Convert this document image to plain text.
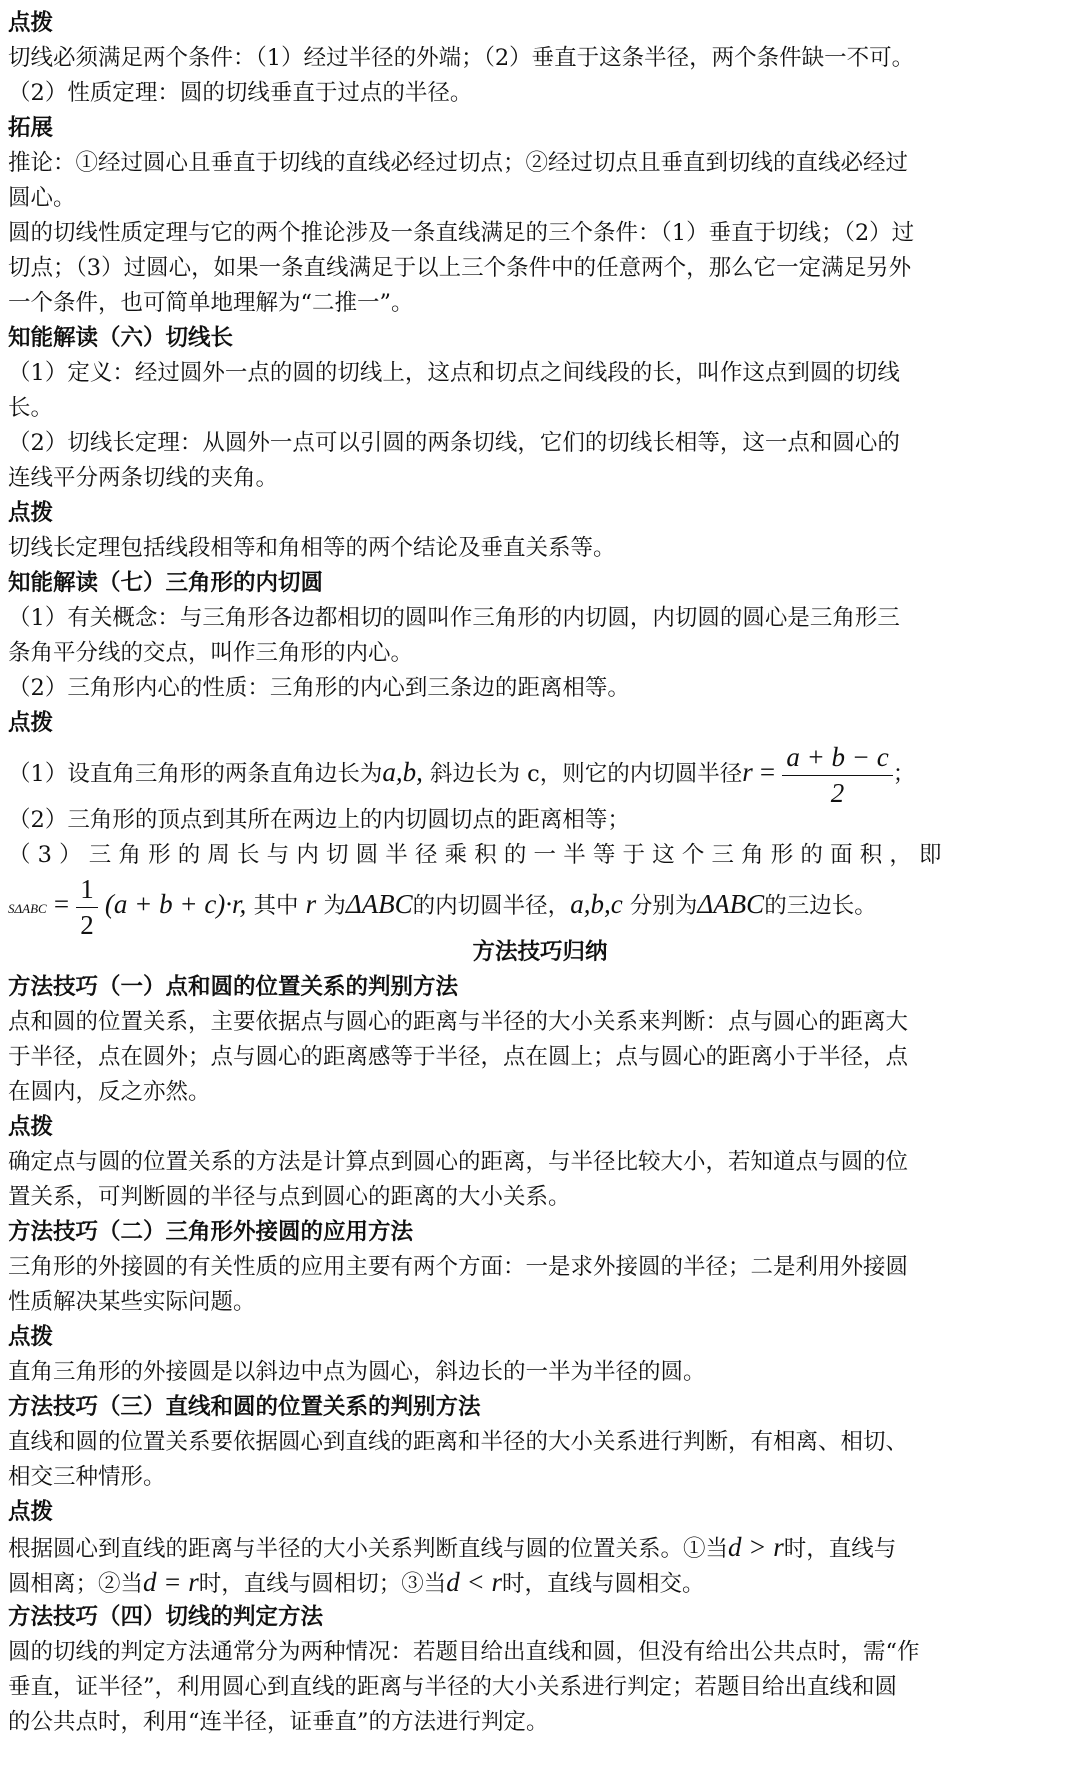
点拨
切线必须满足两个条件：（1）经过半径的外端；（2）垂直于这条半径，两个条件缺一不可。
（2）性质定理：圆的切线垂直于过点的半径。
拓展
推论：①经过圆心且垂直于切线的直线必经过切点；②经过切点且垂直到切线的直线必经过
圆心。
圆的切线性质定理与它的两个推论涉及一条直线满足的三个条件：（1）垂直于切线；（2）过
切点；（3）过圆心，如果一条直线满足于以上三个条件中的任意两个，那么它一定满足另外
一个条件，也可简单地理解为“二推一”。
知能解读（六）切线长
（1）定义：经过圆外一点的圆的切线上，这点和切点之间线段的长，叫作这点到圆的切线
长。
（2）切线长定理：从圆外一点可以引圆的两条切线，它们的切线长相等，这一点和圆心的
连线平分两条切线的夹角。
点拨
切线长定理包括线段相等和角相等的两个结论及垂直关系等。
知能解读（七）三角形的内切圆
（1）有关概念：与三角形各边都相切的圆叫作三角形的内切圆，内切圆的圆心是三角形三
条角平分线的交点，叫作三角形的内心。
（2）三角形内心的性质：三角形的内心到三条边的距离相等。
点拨
（1）设直角三角形的两条直角边长为a,b, 斜边长为 c，则它的内切圆半径$r = \frac{a + b - c}{2}$ ；
（2）三角形的顶点到其所在两边上的内切圆切点的距离相等；
（ 3 ） 三 角 形 的 周 长 与 内 切 圆 半 径 乘 积 的 一 半 等 于 这 个 三 角 形 的 面 积 ， 即
$S\Delta ABC = \frac{1}{2} (a + b + c)\cdot r$, 其中 r 为ΔABC的内切圆半径，a,b,c 分别为ΔABC的三边长。
方法技巧归纳
方法技巧（一）点和圆的位置关系的判别方法
点和圆的位置关系，主要依据点与圆心的距离与半径的大小关系来判断：点与圆心的距离大
于半径，点在圆外；点与圆心的距离感等于半径，点在圆上；点与圆心的距离小于半径，点
在圆内，反之亦然。
点拨
确定点与圆的位置关系的方法是计算点到圆心的距离，与半径比较大小，若知道点与圆的位
置关系，可判断圆的半径与点到圆心的距离的大小关系。
方法技巧（二）三角形外接圆的应用方法
三角形的外接圆的有关性质的应用主要有两个方面：一是求外接圆的半径；二是利用外接圆
性质解决某些实际问题。
点拨
直角三角形的外接圆是以斜边中点为圆心，斜边长的一半为半径的圆。
方法技巧（三）直线和圆的位置关系的判别方法
直线和圆的位置关系要依据圆心到直线的距离和半径的大小关系进行判断，有相离、相切、
相交三种情形。
点拨
根据圆心到直线的距离与半径的大小关系判断直线与圆的位置关系。①当d > r时，直线与
圆相离；②当d = r时，直线与圆相切；③当d < r时，直线与圆相交。
方法技巧（四）切线的判定方法
圆的切线的判定方法通常分为两种情况：若题目给出直线和圆，但没有给出公共点时，需“作
垂直，证半径”，利用圆心到直线的距离与半径的大小关系进行判定；若题目给出直线和圆
的公共点时，利用“连半径，证垂直”的方法进行判定。
